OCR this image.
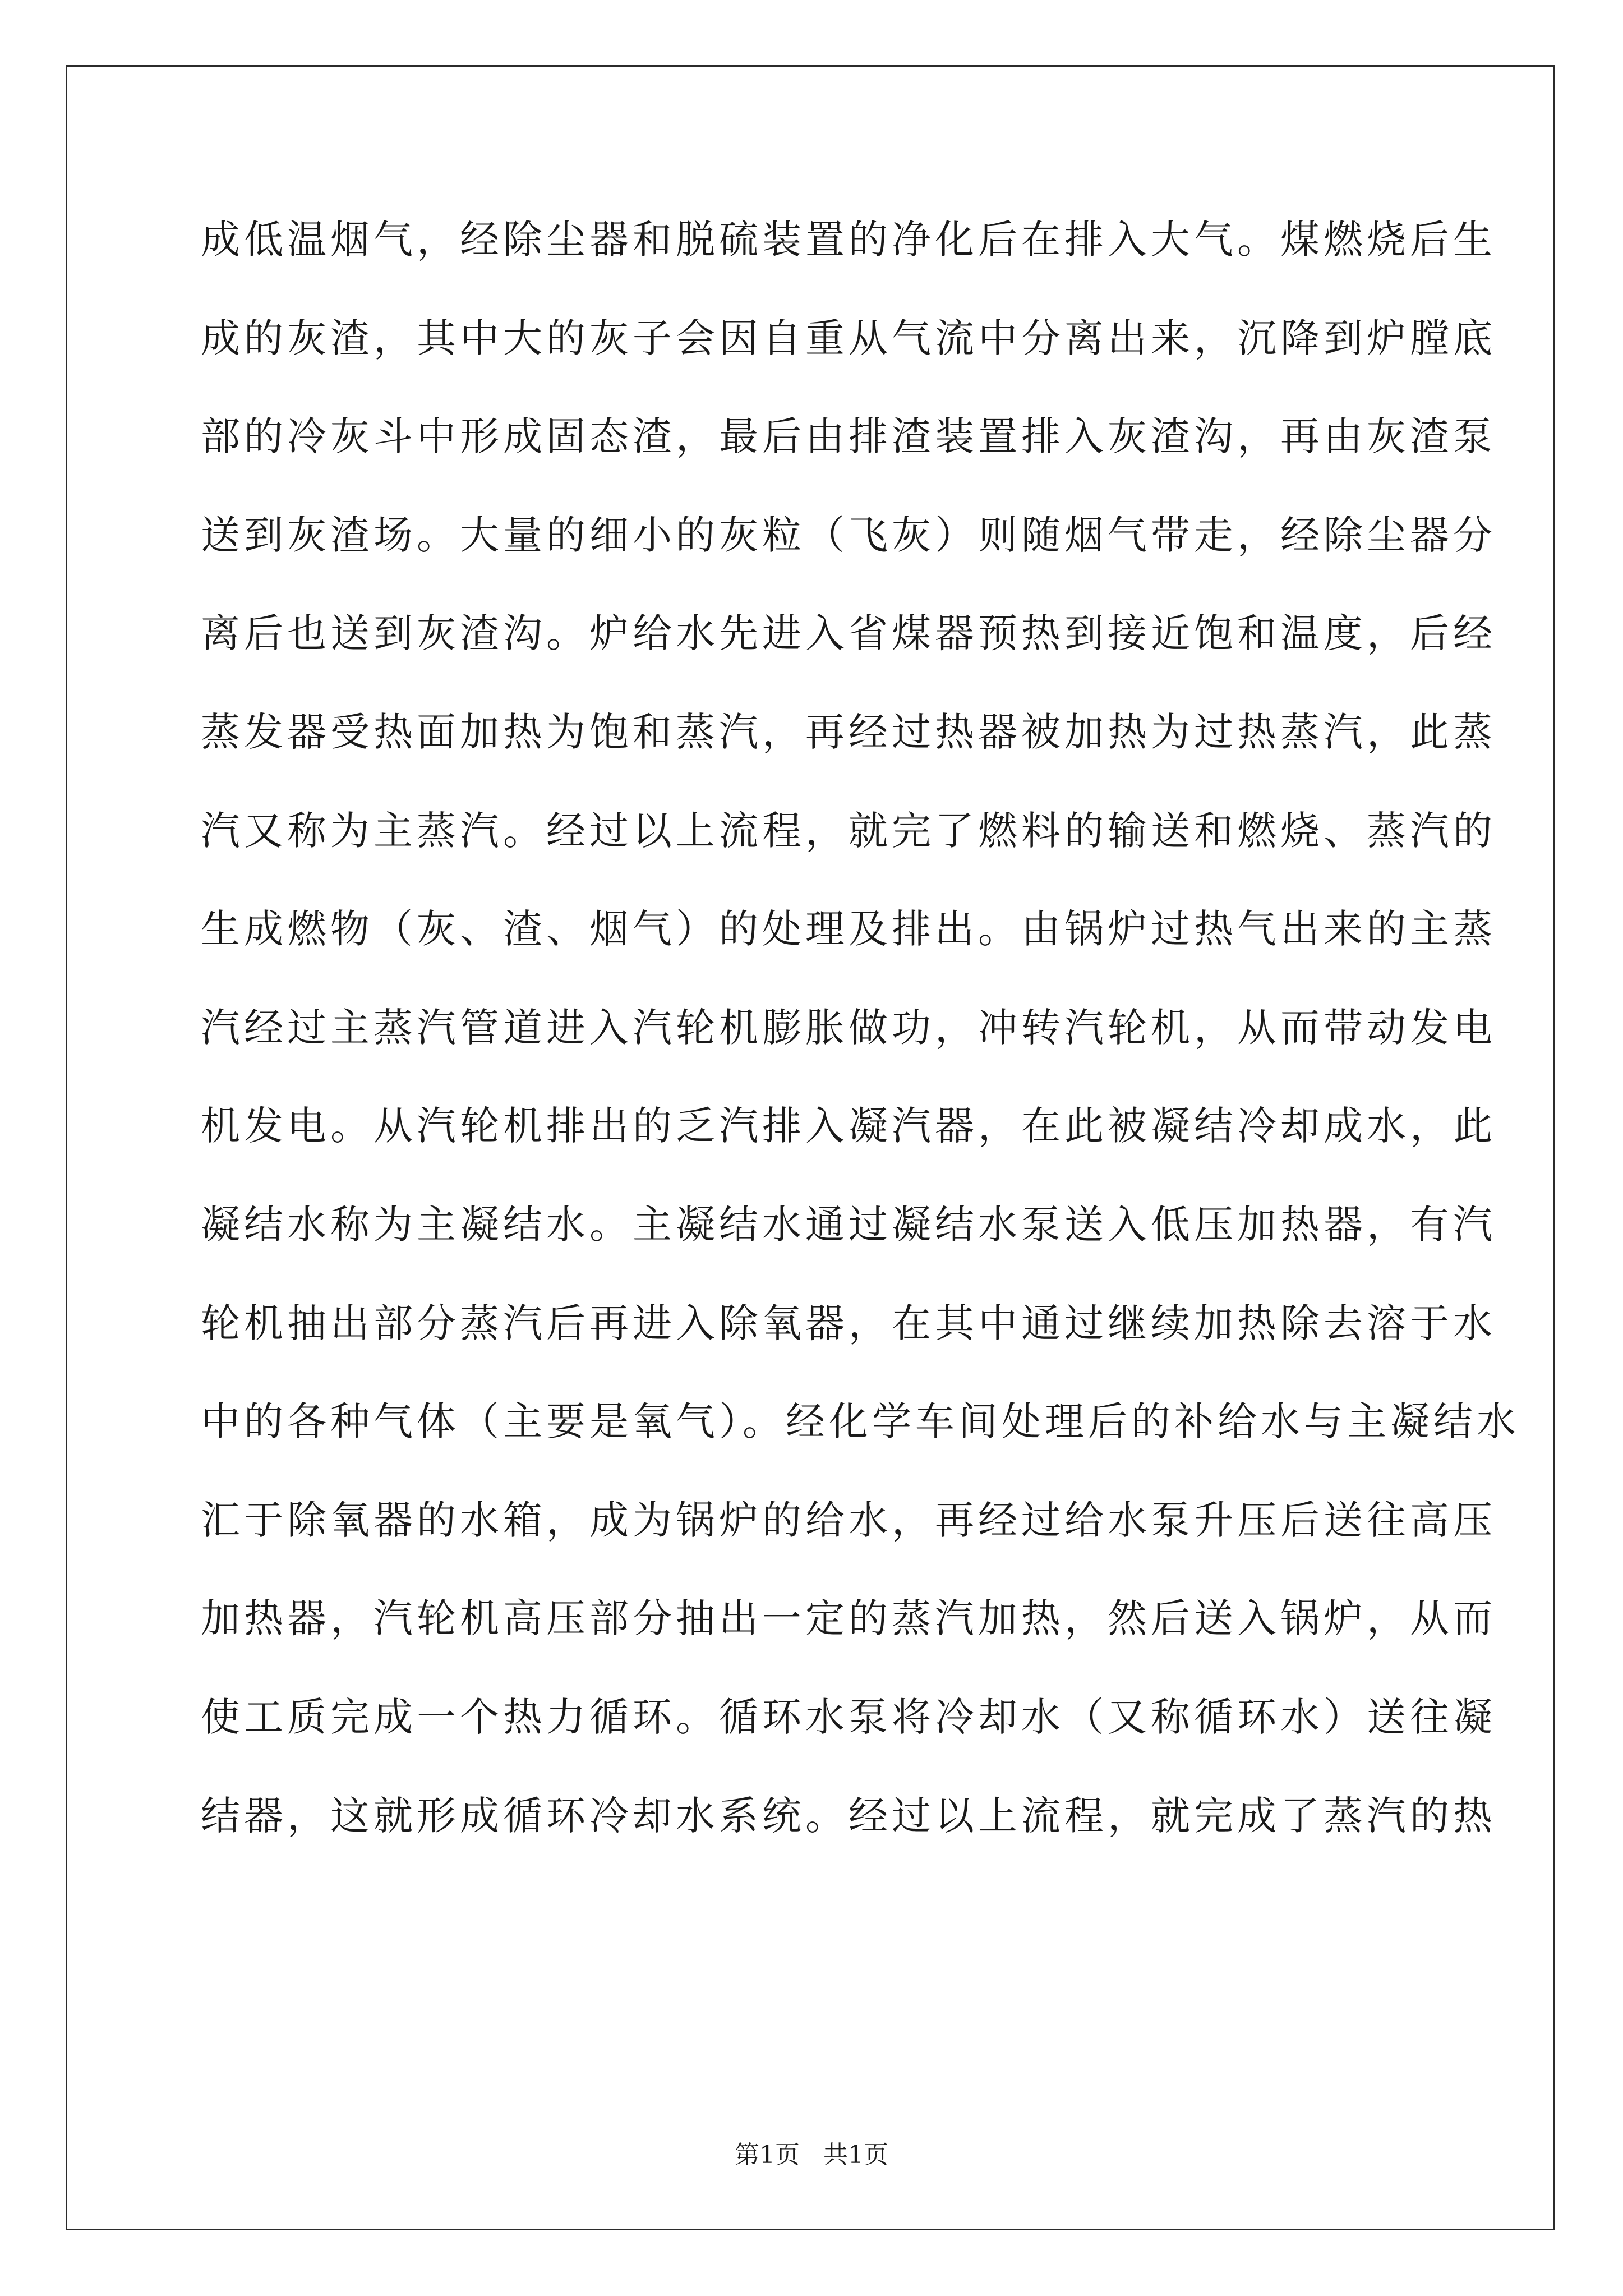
成低温烟气，经除尘器和脱硫装置的净化后在排入大气。煤燃烧后生
成的灰渣，其中大的灰子会因自重从气流中分离出来，沉降到炉膛底
部的冷灰斗中形成固态渣，最后由排渣装置排入灰渣沟，再由灰渣泵
送到灰渣场。大量的细小的灰粒（飞灰）则随烟气带走，经除尘器分
离后也送到灰渣沟。炉给水先进入省煤器预热到接近饱和温度，后经
蒸发器受热面加热为饱和蒸汽，再经过热器被加热为过热蒸汽，此蒸
汽又称为主蒸汽。经过以上流程，就完了燃料的输送和燃烧、蒸汽的
生成燃物（灰、渣、烟气）的处理及排出。由锅炉过热气出来的主蒸
汽经过主蒸汽管道进入汽轮机膨胀做功，冲转汽轮机，从而带动发电
机发电。从汽轮机排出的乏汽排入凝汽器，在此被凝结冷却成水，此
凝结水称为主凝结水。主凝结水通过凝结水泵送入低压加热器，有汽
轮机抽出部分蒸汽后再进入除氧器，在其中通过继续加热除去溶于水
中的各种气体（主要是氧气）。经化学车间处理后的补给水与主凝结水
汇于除氧器的水箱，成为锅炉的给水，再经过给水泵升压后送往高压
加热器，汽轮机高压部分抽出一定的蒸汽加热，然后送入锅炉，从而
使工质完成一个热力循环。循环水泵将冷却水（又称循环水）送往凝
结器，这就形成循环冷却水系统。经过以上流程，就完成了蒸汽的热
第1页   共1页
